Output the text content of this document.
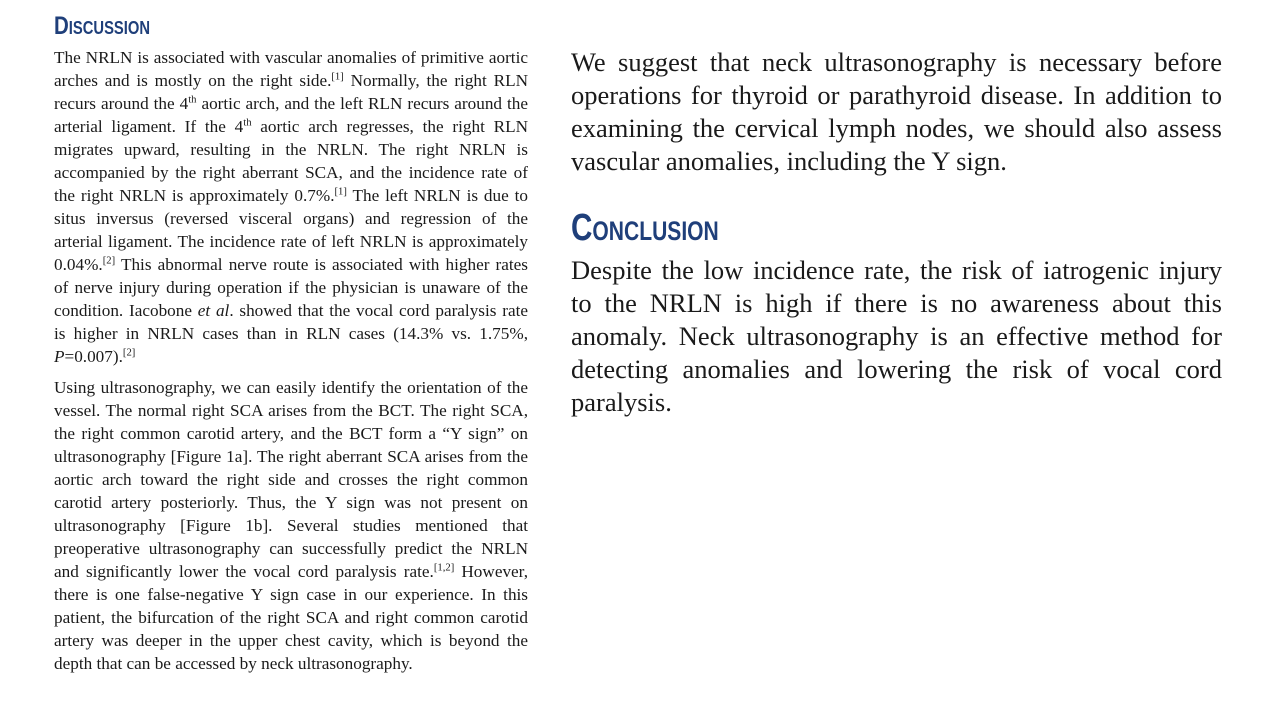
Discussion

The NRLN is associated with vascular anomalies of primitive aortic arches and is mostly on the right side.[1] Normally, the right RLN recurs around the 4th aortic arch, and the left RLN recurs around the arterial ligament. If the 4th aortic arch regresses, the right RLN migrates upward, resulting in the NRLN. The right NRLN is accompanied by the right aberrant SCA, and the incidence rate of the right NRLN is approximately 0.7%.[1] The left NRLN is due to situs inversus (reversed visceral organs) and regression of the arterial ligament. The incidence rate of left NRLN is approximately 0.04%.[2] This abnormal nerve route is associated with higher rates of nerve injury during operation if the physician is unaware of the condition. Iacobone et al. showed that the vocal cord paralysis rate is higher in NRLN cases than in RLN cases (14.3% vs. 1.75%, P=0.007).[2]

Using ultrasonography, we can easily identify the orientation of the vessel. The normal right SCA arises from the BCT. The right SCA, the right common carotid artery, and the BCT form a “Y sign” on ultrasonography [Figure 1a]. The right aberrant SCA arises from the aortic arch toward the right side and crosses the right common carotid artery posteriorly. Thus, the Y sign was not present on ultrasonography [Figure 1b]. Several studies mentioned that preoperative ultrasonography can successfully predict the NRLN and significantly lower the vocal cord paralysis rate.[1,2] However, there is one false-negative Y sign case in our experience. In this patient, the bifurcation of the right SCA and right common carotid artery was deeper in the upper chest cavity, which is beyond the depth that can be accessed by neck ultrasonography.

We suggest that neck ultrasonography is necessary before operations for thyroid or parathyroid disease. In addition to examining the cervical lymph nodes, we should also assess vascular anomalies, including the Y sign.

Conclusion

Despite the low incidence rate, the risk of iatrogenic injury to the NRLN is high if there is no awareness about this anomaly. Neck ultrasonography is an effective method for detecting anomalies and lowering the risk of vocal cord paralysis.
